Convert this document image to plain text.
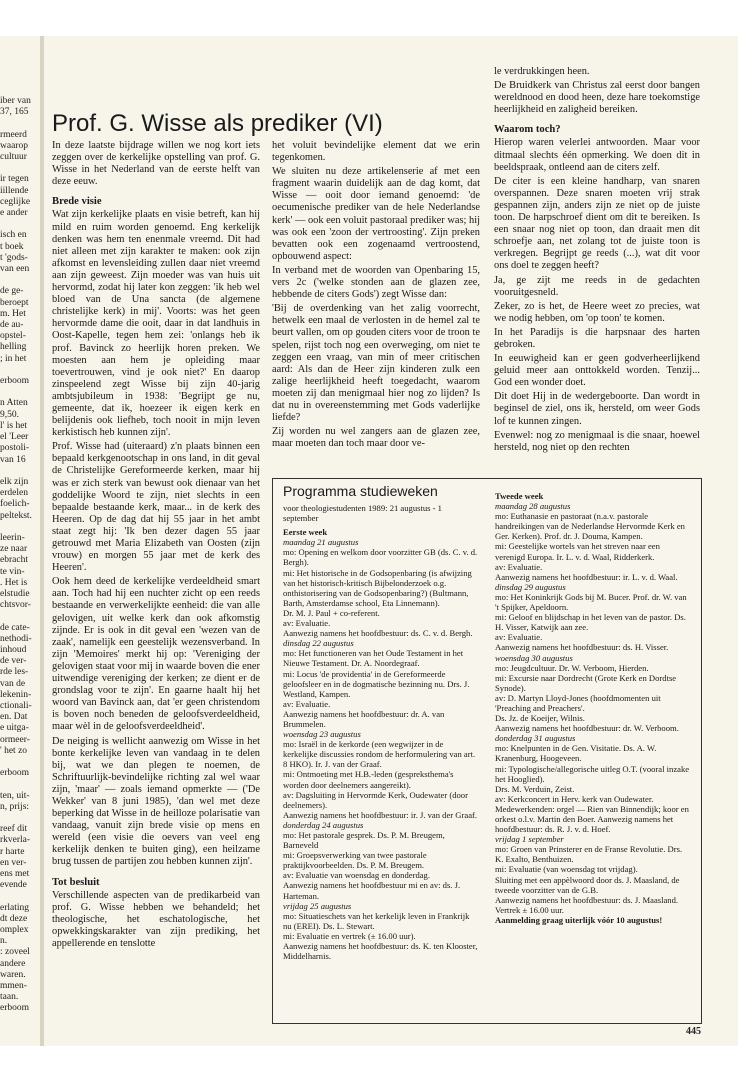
iber van
37, 165

rmeerd
waarop
cultuur

ir tegen
iillende
ceglijke
e ander

isch en
t boek
t 'gods-
van een

de ge-
beroept
m. Het
de au-
opstel-
helling
; in het

erboom

n Atten
9,50.
l' is het
el 'Leer
postoli-
van 16

elk zijn
erdelen
foelich-
peltekst.

leerin-
ze naar
ebracht
te vin-
. Het is
elstudie
chtsvor-

de cate-
nethodi-
inhoud
de ver-
rde les-
van de
lekenin-
ctionali-
en. Dat
e uitga-
ormeer-
' het zo

erboom

ten, uit-
n, prijs:

reef dit
rkverla-
r harte
en ver-
ens met
evende

erlating
dt deze
omplex
n.
: zoveel
andere
waren.
mmen-
taan.
erboom
Prof. G. Wisse als prediker (VI)

In deze laatste bijdrage willen we nog kort iets zeggen over de kerkelijke opstelling van prof. G. Wisse in het Nederland van de eerste helft van deze eeuw.

Brede visie

Wat zijn kerkelijke plaats en visie betreft, kan hij mild en ruim worden genoemd. Eng kerkelijk denken was hem ten enenmale vreemd. Dit had niet alleen met zijn karakter te maken: ook zijn afkomst en levensleiding zullen daar niet vreemd aan zijn geweest. Zijn moeder was van huis uit hervormd, zodat hij later kon zeggen: 'ik heb wel bloed van de Una sancta (de algemene christelijke kerk) in mij'. Voorts: was het geen hervormde dame die ooit, daar in dat landhuis in Oost-Kapelle, tegen hem zei: 'onlangs heb ik prof. Bavinck zo heerlijk horen preken. We moesten aan hem je opleiding maar toevertrouwen, vind je ook niet?' En daarop zinspeelend zegt Wisse bij zijn 40-jarig ambtsjubileum in 1938: 'Begrijpt ge nu, gemeente, dat ik, hoezeer ik eigen kerk en belijdenis ook liefheb, toch nooit in mijn leven kerkistisch heb kunnen zijn'.

Prof. Wisse had (uiteraard) z'n plaats binnen een bepaald kerkgenootschap in ons land, in dit geval de Christelijke Gereformeerde kerken, maar hij was er zich sterk van bewust ook dienaar van het goddelijke Woord te zijn, niet slechts in een bepaalde bestaande kerk, maar... in de kerk des Heeren. Op de dag dat hij 55 jaar in het ambt staat zegt hij: 'Ik ben dezer dagen 55 jaar getrouwd met Maria Elizabeth van Oosten (zijn vrouw) en morgen 55 jaar met de kerk des Heeren'.

Ook hem deed de kerkelijke verdeeldheid smart aan. Toch had hij een nuchter zicht op een reeds bestaande en verwerkelijkte eenheid: die van alle gelovigen, uit welke kerk dan ook afkomstig zijnde. Er is ook in dit geval een 'wezen van de zaak', namelijk een geestelijk wezensverband. In zijn 'Memoires' merkt hij op: 'Vereniging der gelovigen staat voor mij in waarde boven die ener uitwendige vereniging der kerken; ze dient er de grondslag voor te zijn'. En gaarne haalt hij het woord van Bavinck aan, dat 'er geen christendom is boven noch beneden de geloofsverdeeldheid, maar wèl in de geloofsverdeeldheid'.

De neiging is wellicht aanwezig om Wisse in het bonte kerkelijke leven van vandaag in te delen bij, wat we dan plegen te noemen, de Schriftuurlijk-bevindelijke richting zal wel waar zijn, 'maar' — zoals iemand opmerkte — ('De Wekker' van 8 juni 1985), 'dan wel met deze beperking dat Wisse in de heilloze polarisatie van vandaag, vanuit zijn brede visie op mens en wereld (een visie die oevers van veel eng kerkelijk denken te buiten ging), een heilzame brug tussen de partijen zou hebben kunnen zijn'.

Tot besluit

Verschillende aspecten van de predikarbeid van prof. G. Wisse hebben we behandeld; het theologische, het eschatologische, het opwekkingskarakter van zijn prediking, het appellerende en tenslotte

het voluit bevindelijke element dat we erin tegenkomen.

We sluiten nu deze artikelenserie af met een fragment waarin duidelijk aan de dag komt, dat Wisse — ooit door iemand genoemd: 'de oecumenische prediker van de hele Nederlandse kerk' — ook een voluit pastoraal prediker was; hij was ook een 'zoon der vertroosting'. Zijn preken bevatten ook een zogenaamd vertroostend, opbouwend aspect:

In verband met de woorden van Openbaring 15, vers 2c ('welke stonden aan de glazen zee, hebbende de citers Gods') zegt Wisse dan:

'Bij de overdenking van het zalig voorrecht, hetwelk een maal de verlosten in de hemel zal te beurt vallen, om op gouden citers voor de troon te spelen, rijst toch nog een overweging, om niet te zeggen een vraag, van min of meer critischen aard: Als dan de Heer zijn kinderen zulk een zalige heerlijkheid heeft toegedacht, waarom moeten zij dan menigmaal hier nog zo lijden? Is dat nu in overeenstemming met Gods vaderlijke liefde?

Zij worden nu wel zangers aan de glazen zee, maar moeten dan toch maar door ve-

le verdrukkingen heen.

De Bruidkerk van Christus zal eerst door bangen wereldnood en dood heen, deze hare toekomstige heerlijkheid en zaligheid bereiken.

Waarom toch?

Hierop waren velerlei antwoorden. Maar voor ditmaal slechts één opmerking. We doen dit in beeldspraak, ontleend aan de citers zelf.

De citer is een kleine handharp, van snaren overspannen. Deze snaren moeten vrij strak gespannen zijn, anders zijn ze niet op de juiste toon. De harpschroef dient om dit te bereiken. Is een snaar nog niet op toon, dan draait men dit schroefje aan, net zolang tot de juiste toon is verkregen. Begrijpt ge reeds (...), wat dit voor ons doel te zeggen heeft?

Ja, ge zijt me reeds in de gedachten vooruitgesneld.

Zeker, zo is het, de Heere weet zo precies, wat we nodig hebben, om 'op toon' te komen.

In het Paradijs is die harpsnaar des harten gebroken.

In eeuwigheid kan er geen godverheerlijkend geluid meer aan onttokkeld worden. Tenzij... God een wonder doet.

Dit doet Hij in de wedergeboorte. Dan wordt in beginsel de ziel, ons ik, hersteld, om weer Gods lof te kunnen zingen.

Evenwel: nog zo menigmaal is die snaar, hoewel hersteld, nog niet op den rechten

Programma studieweken
voor theologiestudenten 1989: 21 augustus - 1 september
Eerste week
maandag 21 augustus
mo: Opening en welkom door voorzitter GB (ds. C. v. d. Bergh).
mi: Het historische in de Godsopenbaring (is afwijzing van het historisch-kritisch Bijbelonderzoek o.g. onthistorisering van de Godsopenbaring?) (Bultmann, Barth, Amsterdamse school, Eta Linnemann).
Dr. M. J. Paul + co-referent.
av: Evaluatie.
Aanwezig namens het hoofdbestuur: ds. C. v. d. Bergh.
dinsdag 22 augustus
mo: Het functioneren van het Oude Testament in het Nieuwe Testament. Dr. A. Noordegraaf.
mi: Locus 'de providentia' in de Gereformeerde geloofsleer en in de dogmatische bezinning nu. Drs. J. Westland, Kampen.
av: Evaluatie.
Aanwezig namens het hoofdbestuur: dr. A. van Brummelen.
woensdag 23 augustus
mo: Israël in de kerkorde (een wegwijzer in de kerkelijke discussies rondom de herformulering van art. 8 HKO). Ir. J. van der Graaf.
mi: Ontmoeting met H.B.-leden (gespreksthema's worden door deelnemers aangereikt).
av: Dagsluiting in Hervormde Kerk, Oudewater (door deelnemers).
Aanwezig namens het hoofdbestuur: ir. J. van der Graaf.
donderdag 24 augustus
mo: Het pastorale gesprek. Ds. P. M. Breugem, Barneveld
mi: Groepsverwerking van twee pastorale praktijkvoorbeelden. Ds. P. M. Breugem.
av: Evaluatie van woensdag en donderdag.
Aanwezig namens het hoofdbestuur mi en av: ds. J. Harteman.
vrijdag 25 augustus
mo: Situatieschets van het kerkelijk leven in Frankrijk nu (EREI). Ds. L. Stewart.
mi: Evaluatie en vertrek (± 16.00 uur).
Aanwezig namens het hoofdbestuur: ds. K. ten Klooster, Middelharnis.
Tweede week
maandag 28 augustus
mo: Euthanasie en pastoraat (n.a.v. pastorale handreikingen van de Nederlandse Hervormde Kerk en Ger. Kerken). Prof. dr. J. Douma, Kampen.
mi: Geestelijke wortels van het streven naar een verenigd Europa. Ir. L. v. d. Waal, Ridderkerk.
av: Evaluatie.
Aanwezig namens het hoofdbestuur: ir. L. v. d. Waal.
dinsdag 29 augustus
mo: Het Koninkrijk Gods bij M. Bucer. Prof. dr. W. van 't Spijker, Apeldoorn.
mi: Geloof en blijdschap in het leven van de pastor. Ds. H. Visser, Katwijk aan zee.
av: Evaluatie.
Aanwezig namens het hoofdbestuur: ds. H. Visser.
woensdag 30 augustus
mo: Jeugdcultuur. Dr. W. Verboom, Hierden.
mi: Excursie naar Dordrecht (Grote Kerk en Dordtse Synode).
av: D. Martyn Lloyd-Jones (hoofdmomenten uit 'Preaching and Preachers'.
Ds. Jz. de Koeijer, Wilnis.
Aanwezig namens het hoofdbestuur: dr. W. Verboom.
donderdag 31 augustus
mo: Knelpunten in de Gen. Visitatie. Ds. A. W. Kranenburg, Hoogeveen.
mi: Typologische/allegorische uitleg O.T. (vooral inzake het Hooglied).
Drs. M. Verduin, Zeist.
av: Kerkconcert in Herv. kerk van Oudewater.
Medewerkenden: orgel — Rien van Binnendijk; koor en orkest o.l.v. Martin den Boer. Aanwezig namens het hoofdbestuur: ds. R. J. v. d. Hoef.
vrijdag 1 september
mo: Groen van Prinsterer en de Franse Revolutie. Drs. K. Exalto, Benthuizen.
mi: Evaluatie (van woensdag tot vrijdag).
Sluiting met een appèlwoord door ds. J. Maasland, de tweede voorzitter van de G.B.
Aanwezig namens het hoofdbestuur: ds. J. Maasland.
Vertrek ± 16.00 uur.
Aanmelding graag uiterlijk vóór 10 augustus!
445
